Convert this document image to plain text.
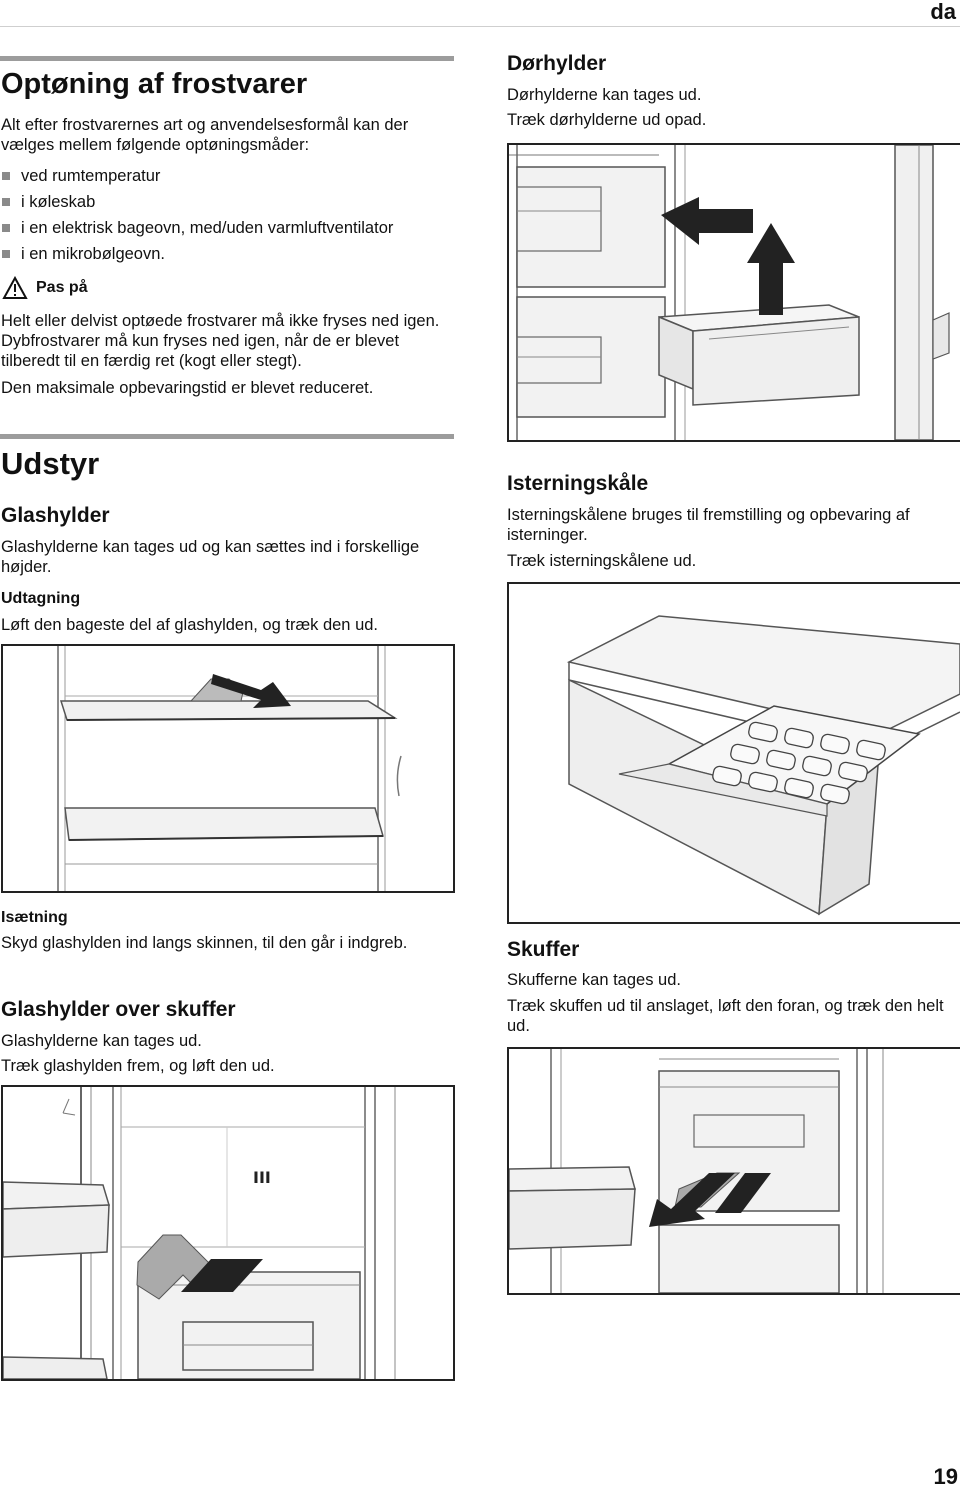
da
Optøning af frostvarer
Alt efter frostvarernes art og anvendelsesformål kan der vælges mellem følgende optøningsmåder:
ved rumtemperatur
i køleskab
i en elektrisk bageovn, med/uden varmluftventilator
i en mikrobølgeovn.
Pas på
Helt eller delvist optøede frostvarer må ikke fryses ned igen. Dybfrostvarer må kun fryses ned igen, når de er blevet tilberedt til en færdig ret (kogt eller stegt).
Den maksimale opbevaringstid er blevet reduceret.
Udstyr
Glashylder
Glashylderne kan tages ud og kan sættes ind i forskellige højder.
Udtagning
Løft den bageste del af glashylden, og træk den ud.
Isætning
Skyd glashylden ind langs skinnen, til den går i indgreb.
Glashylder over skuffer
Glashylderne kan tages ud.
Træk glashylden frem, og løft den ud.
III
Dørhylder
Dørhylderne kan tages ud.
Træk dørhylderne ud opad.
Isterningskåle
Isterningskålene bruges til fremstilling og opbevaring af isterninger.
Træk isterningskålene ud.
Skuffer
Skufferne kan tages ud.
Træk skuffen ud til anslaget, løft den foran, og træk den helt ud.
19
